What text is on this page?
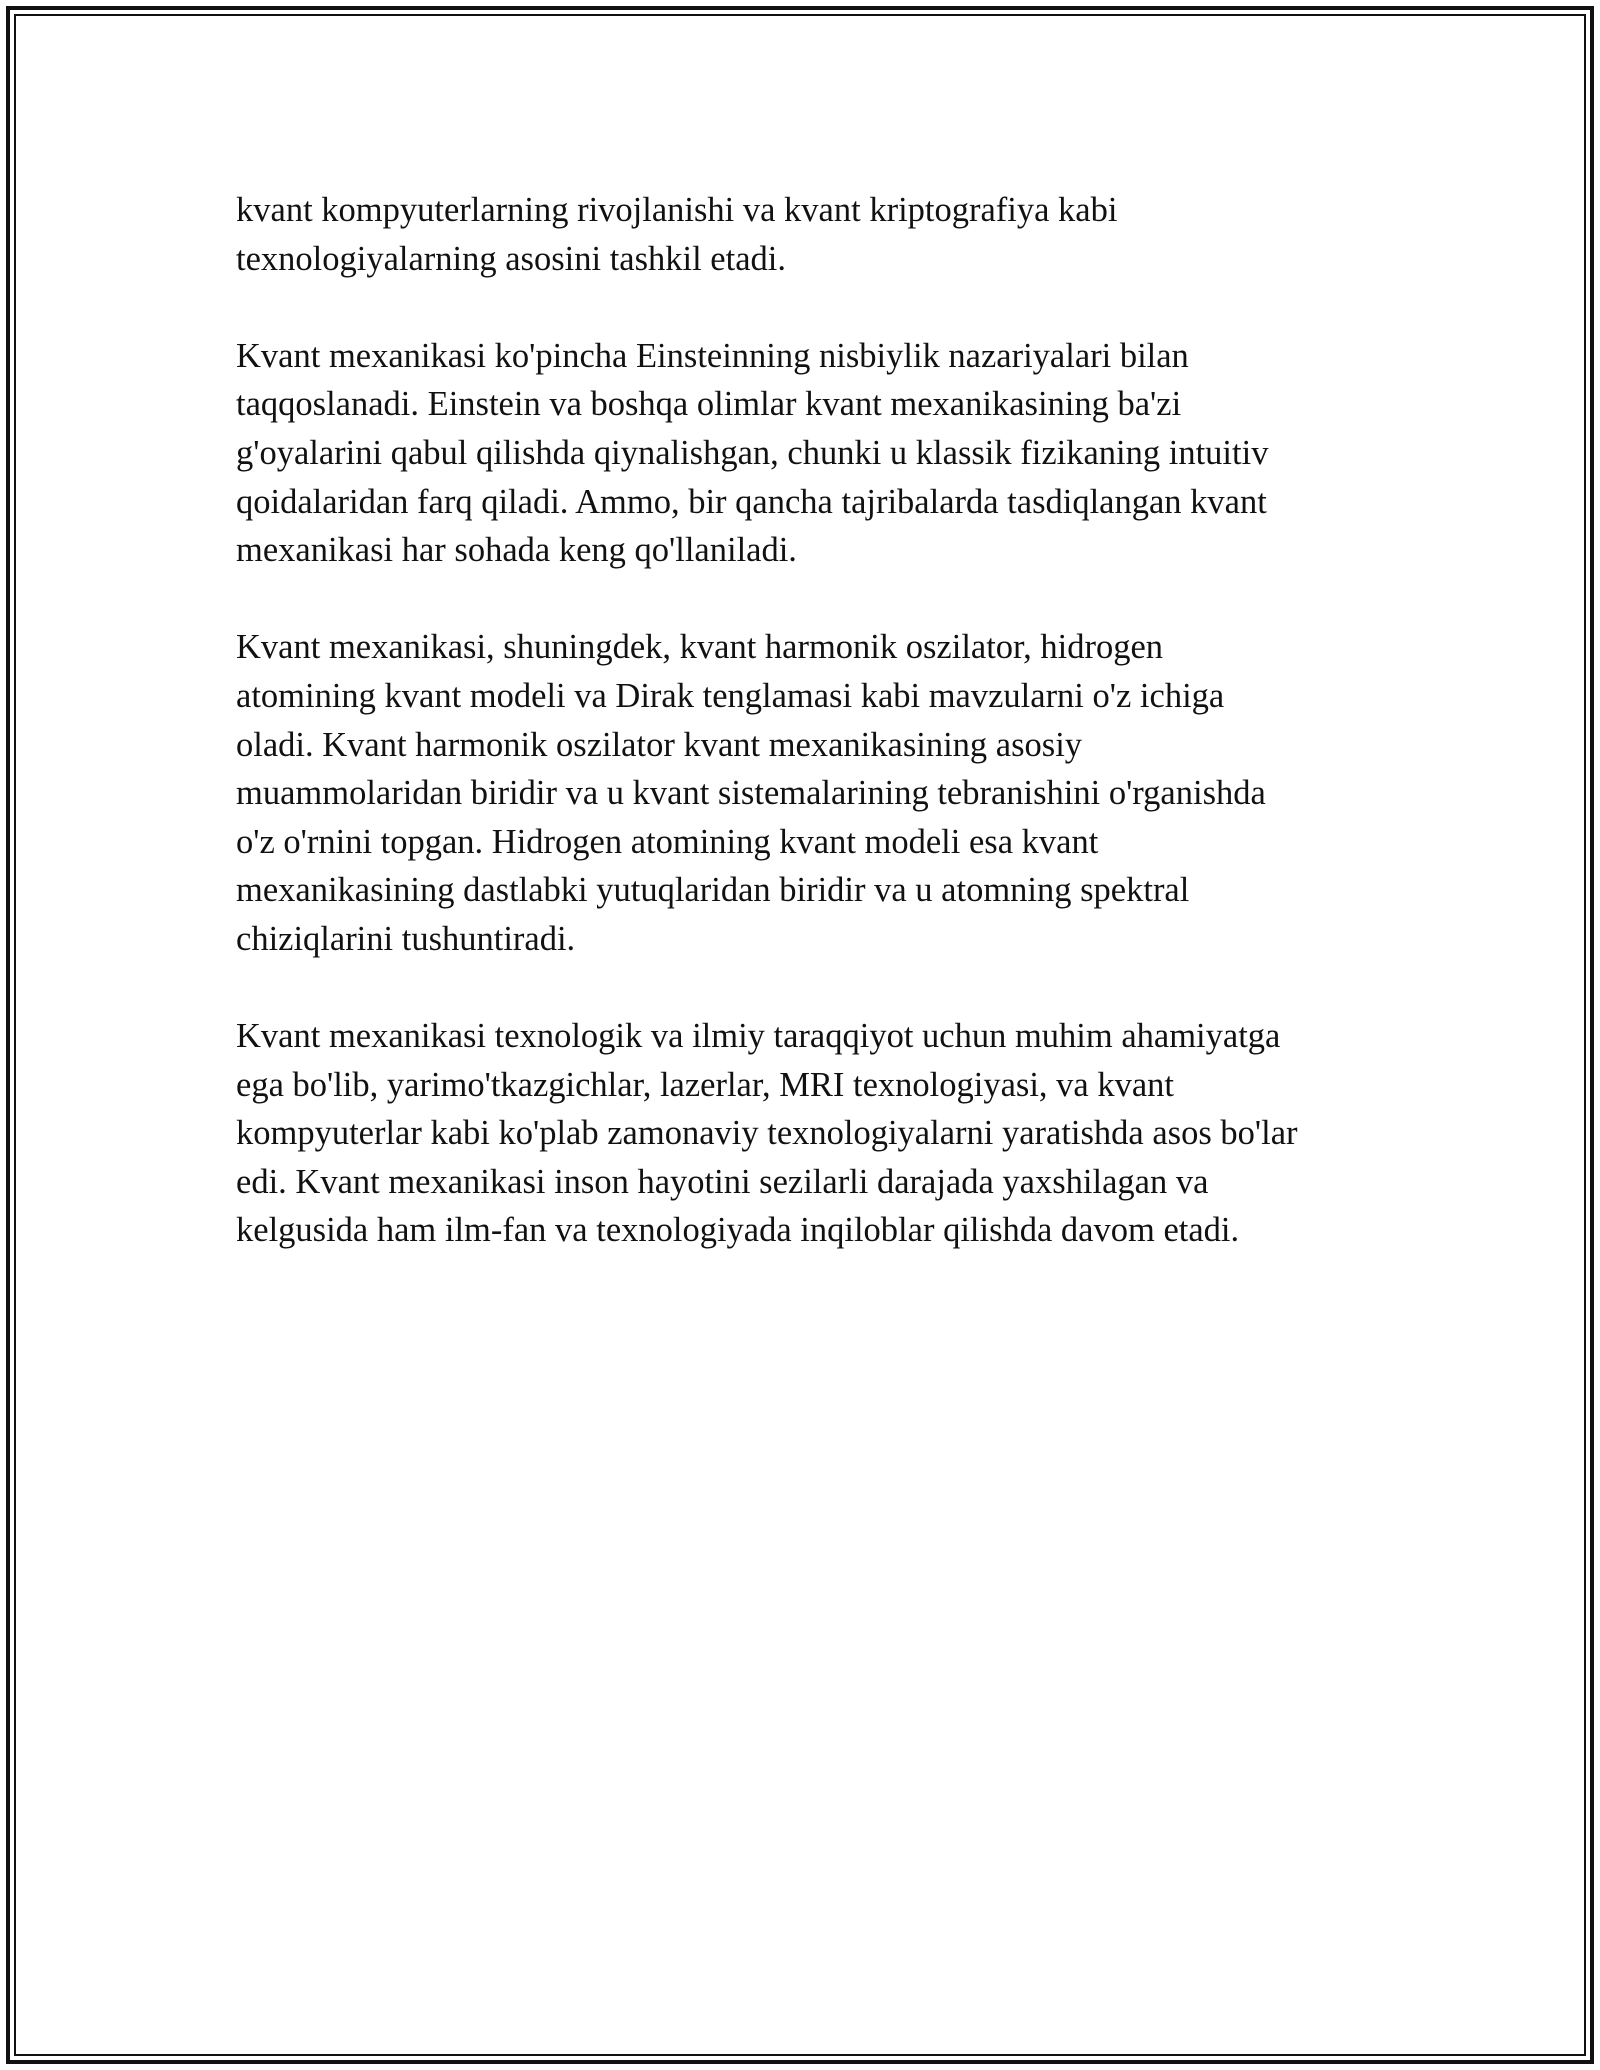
kvant kompyuterlarning rivojlanishi va kvant kriptografiya kabi
texnologiyalarning asosini tashkil etadi.

Kvant mexanikasi ko'pincha Einsteinning nisbiylik nazariyalari bilan
taqqoslanadi. Einstein va boshqa olimlar kvant mexanikasining ba'zi
g'oyalarini qabul qilishda qiynalishgan, chunki u klassik fizikaning intuitiv
qoidalaridan farq qiladi. Ammo, bir qancha tajribalarda tasdiqlangan kvant
mexanikasi har sohada keng qo'llaniladi.

Kvant mexanikasi, shuningdek, kvant harmonik oszilator, hidrogen
atomining kvant modeli va Dirak tenglamasi kabi mavzularni o'z ichiga
oladi. Kvant harmonik oszilator kvant mexanikasining asosiy
muammolaridan biridir va u kvant sistemalarining tebranishini o'rganishda
o'z o'rnini topgan. Hidrogen atomining kvant modeli esa kvant
mexanikasining dastlabki yutuqlaridan biridir va u atomning spektral
chiziqlarini tushuntiradi.

Kvant mexanikasi texnologik va ilmiy taraqqiyot uchun muhim ahamiyatga
ega bo'lib, yarimo'tkazgichlar, lazerlar, MRI texnologiyasi, va kvant
kompyuterlar kabi ko'plab zamonaviy texnologiyalarni yaratishda asos bo'lar
edi. Kvant mexanikasi inson hayotini sezilarli darajada yaxshilagan va
kelgusida ham ilm-fan va texnologiyada inqiloblar qilishda davom etadi.
